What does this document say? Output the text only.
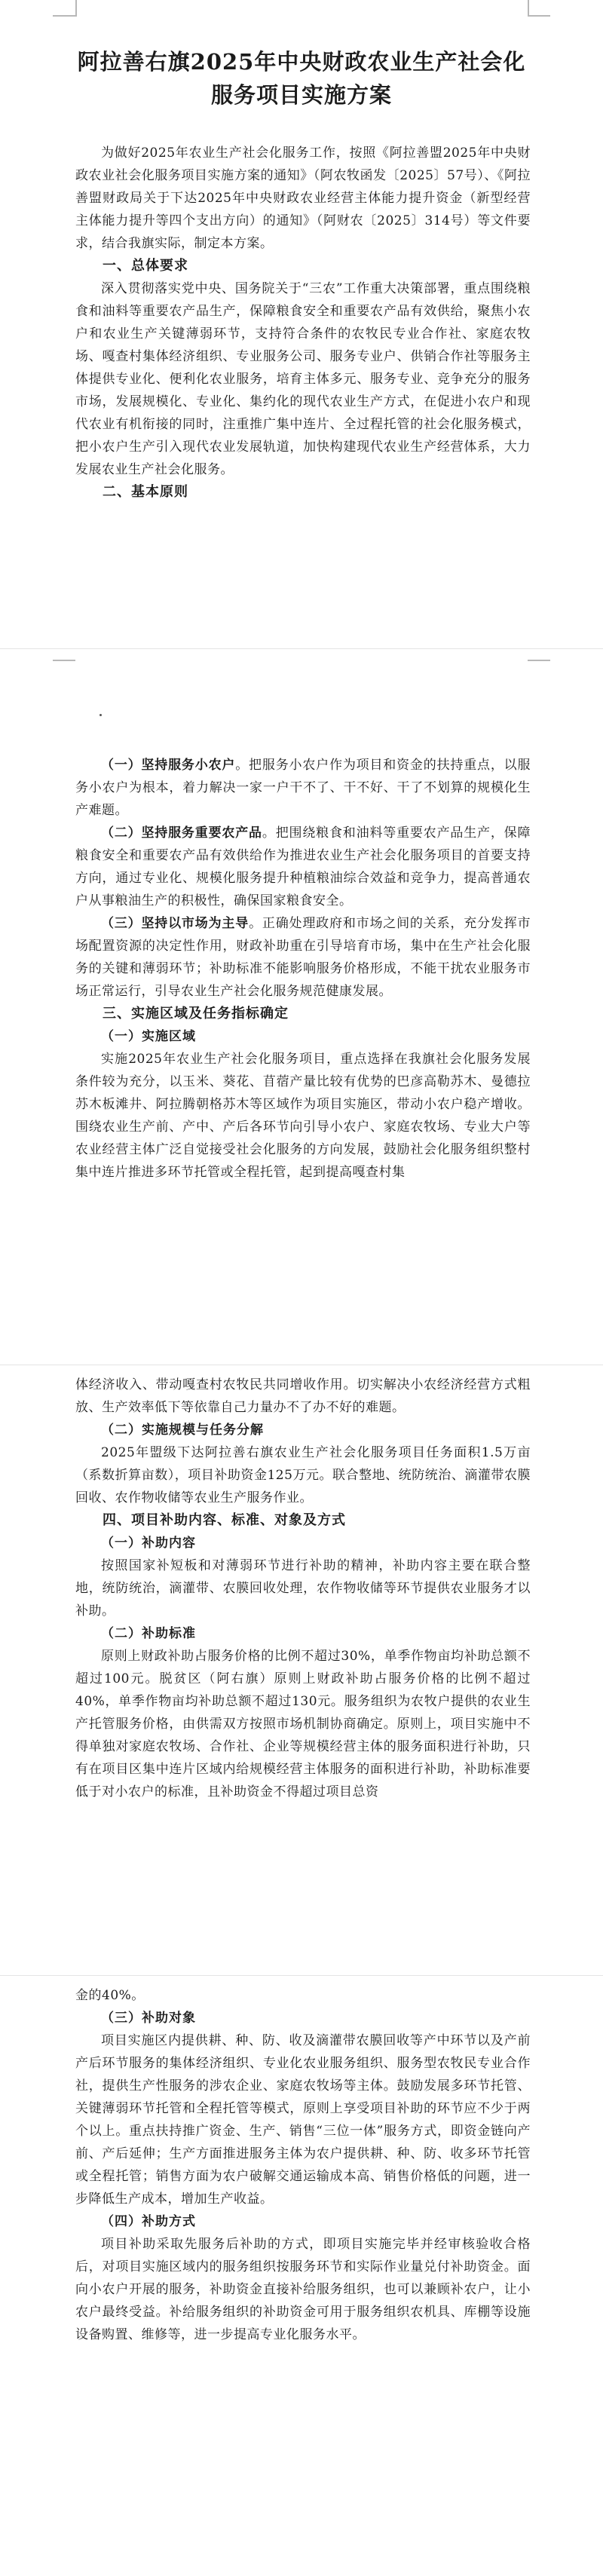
阿拉善右旗2025年中央财政农业生产社会化
服务项目实施方案

为做好2025年农业生产社会化服务工作，按照《阿拉善盟2025年中央财政农业社会化服务项目实施方案的通知》（阿农牧函发〔2025〕57号）、《阿拉善盟财政局关于下达2025年中央财政农业经营主体能力提升资金（新型经营主体能力提升等四个支出方向）的通知》（阿财农〔2025〕314号）等文件要求，结合我旗实际，制定本方案。

一、总体要求

深入贯彻落实党中央、国务院关于“三农”工作重大决策部署，重点围绕粮食和油料等重要农产品生产，保障粮食安全和重要农产品有效供给，聚焦小农户和农业生产关键薄弱环节，支持符合条件的农牧民专业合作社、家庭农牧场、嘎查村集体经济组织、专业服务公司、服务专业户、供销合作社等服务主体提供专业化、便利化农业服务，培育主体多元、服务专业、竞争充分的服务市场，发展规模化、专业化、集约化的现代农业生产方式，在促进小农户和现代农业有机衔接的同时，注重推广集中连片、全过程托管的社会化服务模式，把小农户生产引入现代农业发展轨道，加快构建现代农业生产经营体系，大力发展农业生产社会化服务。

二、基本原则

（一）坚持服务小农户。把服务小农户作为项目和资金的扶持重点，以服务小农户为根本，着力解决一家一户干不了、干不好、干了不划算的规模化生产难题。

（二）坚持服务重要农产品。把围绕粮食和油料等重要农产品生产，保障粮食安全和重要农产品有效供给作为推进农业生产社会化服务项目的首要支持方向，通过专业化、规模化服务提升种植粮油综合效益和竞争力，提高普通农户从事粮油生产的积极性，确保国家粮食安全。

（三）坚持以市场为主导。正确处理政府和市场之间的关系，充分发挥市场配置资源的决定性作用，财政补助重在引导培育市场，集中在生产社会化服务的关键和薄弱环节；补助标准不能影响服务价格形成，不能干扰农业服务市场正常运行，引导农业生产社会化服务规范健康发展。

三、实施区域及任务指标确定

（一）实施区域

实施2025年农业生产社会化服务项目，重点选择在我旗社会化服务发展条件较为充分，以玉米、葵花、苜蓿产量比较有优势的巴彦高勒苏木、曼德拉苏木板滩井、阿拉腾朝格苏木等区域作为项目实施区，带动小农户稳产增收。围绕农业生产前、产中、产后各环节向引导小农户、家庭农牧场、专业大户等农业经营主体广泛自觉接受社会化服务的方向发展，鼓励社会化服务组织整村集中连片推进多环节托管或全程托管，起到提高嘎查村集

体经济收入、带动嘎查村农牧民共同增收作用。切实解决小农经济经营方式粗放、生产效率低下等依靠自己力量办不了办不好的难题。

（二）实施规模与任务分解

2025年盟级下达阿拉善右旗农业生产社会化服务项目任务面积1.5万亩（系数折算亩数），项目补助资金125万元。联合整地、统防统治、滴灌带农膜回收、农作物收储等农业生产服务作业。

四、项目补助内容、标准、对象及方式

（一）补助内容

按照国家补短板和对薄弱环节进行补助的精神，补助内容主要在联合整地，统防统治，滴灌带、农膜回收处理，农作物收储等环节提供农业服务才以补助。

（二）补助标准

原则上财政补助占服务价格的比例不超过30%，单季作物亩均补助总额不超过100元。脱贫区（阿右旗）原则上财政补助占服务价格的比例不超过40%，单季作物亩均补助总额不超过130元。服务组织为农牧户提供的农业生产托管服务价格，由供需双方按照市场机制协商确定。原则上，项目实施中不得单独对家庭农牧场、合作社、企业等规模经营主体的服务面积进行补助，只有在项目区集中连片区域内给规模经营主体服务的面积进行补助，补助标准要低于对小农户的标准，且补助资金不得超过项目总资

金的40%。

（三）补助对象

项目实施区内提供耕、种、防、收及滴灌带农膜回收等产中环节以及产前产后环节服务的集体经济组织、专业化农业服务组织、服务型农牧民专业合作社，提供生产性服务的涉农企业、家庭农牧场等主体。鼓励发展多环节托管、关键薄弱环节托管和全程托管等模式，原则上享受项目补助的环节应不少于两个以上。重点扶持推广资金、生产、销售“三位一体”服务方式，即资金链向产前、产后延伸；生产方面推进服务主体为农户提供耕、种、防、收多环节托管或全程托管；销售方面为农户破解交通运输成本高、销售价格低的问题，进一步降低生产成本，增加生产收益。

（四）补助方式

项目补助采取先服务后补助的方式，即项目实施完毕并经审核验收合格后，对项目实施区域内的服务组织按服务环节和实际作业量兑付补助资金。面向小农户开展的服务，补助资金直接补给服务组织，也可以兼顾补农户，让小农户最终受益。补给服务组织的补助资金可用于服务组织农机具、库棚等设施设备购置、维修等，进一步提高专业化服务水平。
